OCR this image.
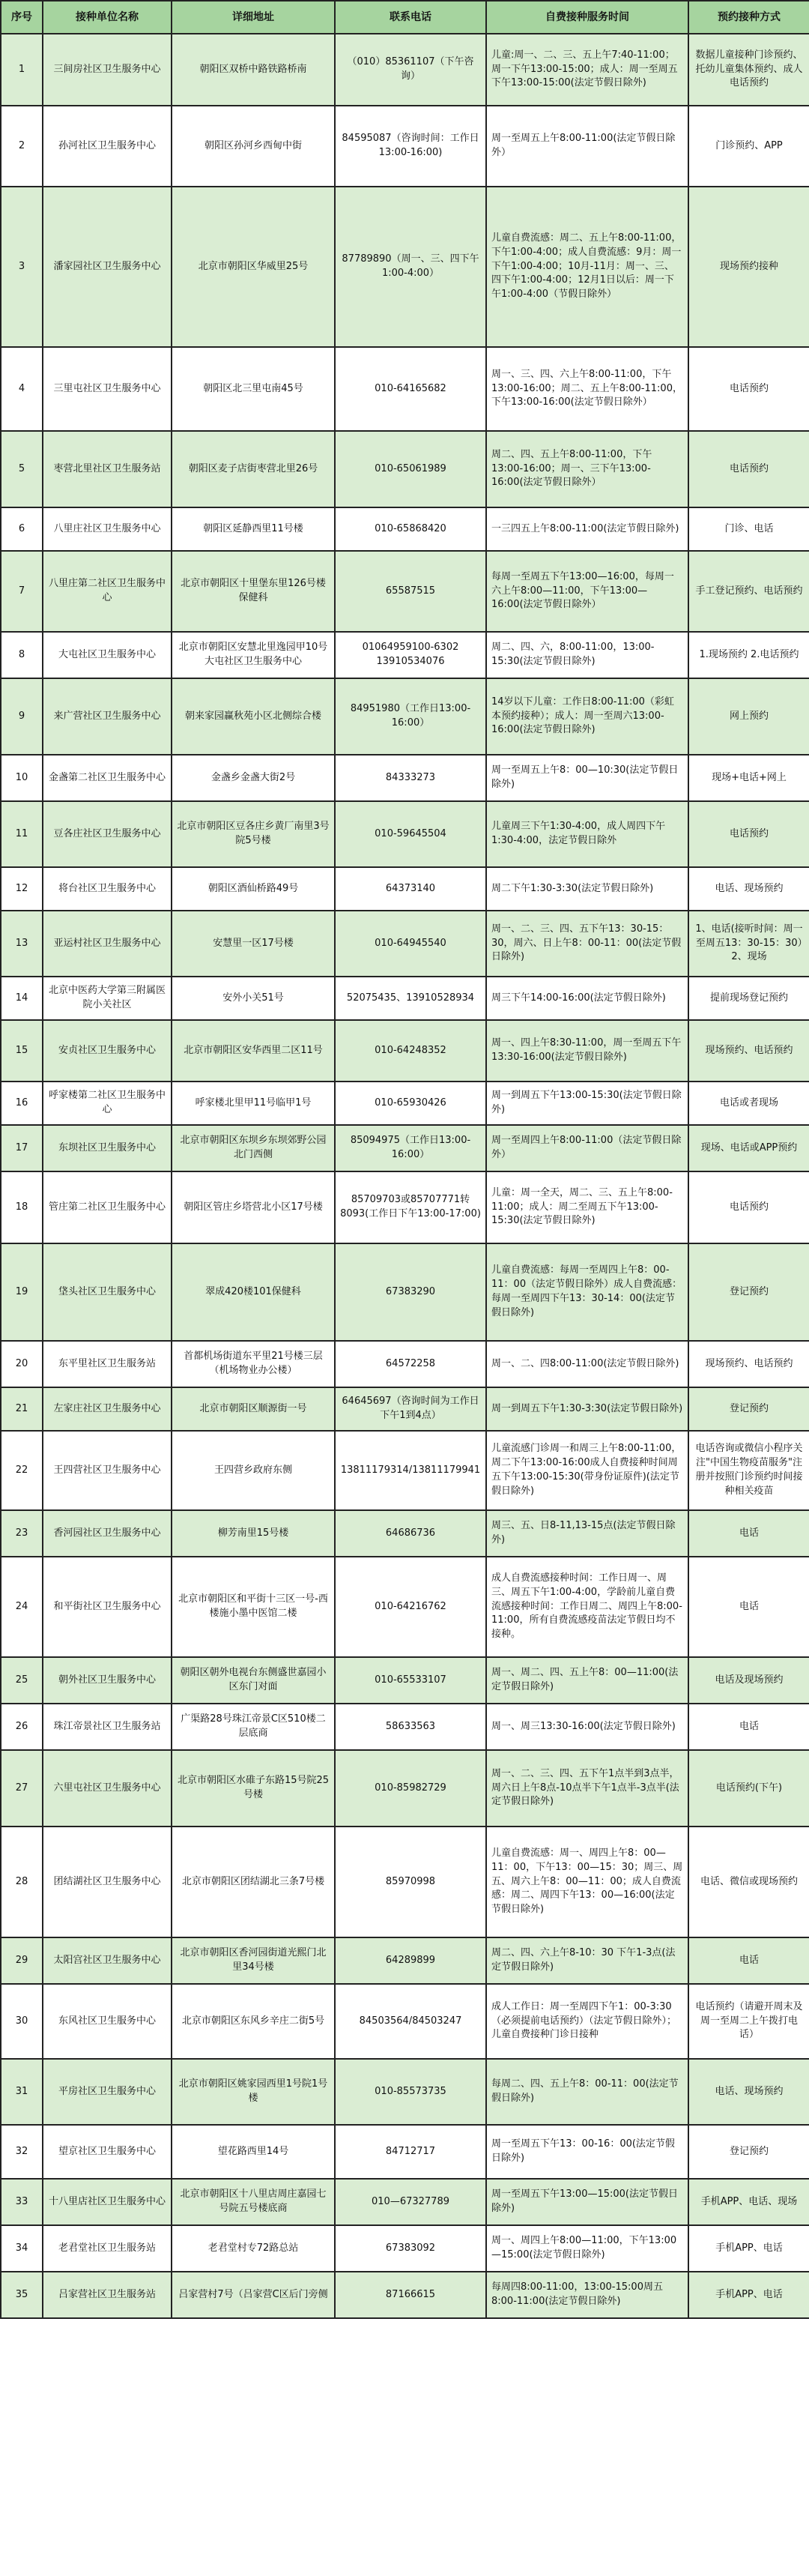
序号	接种单位名称	详细地址	联系电话	自费接种服务时间	预约接种方式
1	三间房社区卫生服务中心	朝阳区双桥中路铁路桥南	（010）85361107（下午咨询）	儿童:周一、二、三、五上午7:40-11:00；周一下午13:00-15:00；成人：周一至周五下午13:00-15:00(法定节假日除外)	数据儿童接种门诊预约、托幼儿童集体预约、成人电话预约
2	孙河社区卫生服务中心	朝阳区孙河乡西甸中街	84595087（咨询时间：工作日13:00-16:00)	周一至周五上午8:00-11:00(法定节假日除外）	门诊预约、APP
3	潘家园社区卫生服务中心	北京市朝阳区华威里25号	87789890（周一、三、四下午1:00-4:00）	儿童自费流感：周二、五上午8:00-11:00，下午1:00-4:00；成人自费流感：9月：周一下午1:00-4:00；10月-11月：周一、三、四下午1:00-4:00；12月1日以后：周一下午1:00-4:00（节假日除外）	现场预约接种
4	三里屯社区卫生服务中心	朝阳区北三里屯南45号	010-64165682	周一、三、四、六上午8:00-11:00，下午13:00-16:00；周二、五上午8:00-11:00，下午13:00-16:00(法定节假日除外）	电话预约
5	枣营北里社区卫生服务站	朝阳区麦子店街枣营北里26号	010-65061989	周二、四、五上午8:00-11:00，下午13:00-16:00；周一、三下午13:00-16:00(法定节假日除外）	电话预约
6	八里庄社区卫生服务中心	朝阳区延静西里11号楼	010-65868420	一三四五上午8:00-11:00(法定节假日除外)	门诊、电话
7	八里庄第二社区卫生服务中心	北京市朝阳区十里堡东里126号楼保健科	65587515	每周一至周五下午13:00—16:00，每周一六上午8:00—11:00，下午13:00—16:00(法定节假日除外）	手工登记预约、电话预约
8	大屯社区卫生服务中心	北京市朝阳区安慧北里逸园甲10号大屯社区卫生服务中心	01064959100-6302 13910534076	周二、四、六，8:00-11:00，13:00-15:30(法定节假日除外)	1.现场预约 2.电话预约
9	来广营社区卫生服务中心	朝来家园赢秋苑小区北侧综合楼	84951980（工作日13:00-16:00）	14岁以下儿童：工作日8:00-11:00（彩虹本预约接种）；成人：周一至周六13:00-16:00(法定节假日除外)	网上预约
10	金盏第二社区卫生服务中心	金盏乡金盏大街2号	84333273	周一至周五上午8：00—10:30(法定节假日除外)	现场+电话+网上
11	豆各庄社区卫生服务中心	北京市朝阳区豆各庄乡黄厂南里3号院5号楼	010-59645504	儿童周三下午1:30-4:00，成人周四下午1:30-4:00，法定节假日除外	电话预约
12	将台社区卫生服务中心	朝阳区酒仙桥路49号	64373140	周二下午1:30-3:30(法定节假日除外)	电话、现场预约
13	亚运村社区卫生服务中心	安慧里一区17号楼	010-64945540	周一、二、三、四、五下午13：30-15：30，周六、日上午8：00-11：00(法定节假日除外)	1、电话(接听时间：周一至周五13：30-15：30）2、现场
14	北京中医药大学第三附属医院小关社区	安外小关51号	52075435、13910528934	周三下午14:00-16:00(法定节假日除外)	提前现场登记预约
15	安贞社区卫生服务中心	北京市朝阳区安华西里二区11号	010-64248352	周一、四上午8:30-11:00，周一至周五下午13:30-16:00(法定节假日除外)	现场预约、电话预约
16	呼家楼第二社区卫生服务中心	呼家楼北里甲11号临甲1号	010-65930426	周一到周五下午13:00-15:30(法定节假日除外)	电话或者现场
17	东坝社区卫生服务中心	北京市朝阳区东坝乡东坝郊野公园北门西侧	85094975（工作日13:00-16:00）	周一至周四上午8:00-11:00（法定节假日除外）	现场、电话或APP预约
18	管庄第二社区卫生服务中心	朝阳区管庄乡塔营北小区17号楼	85709703或85707771转8093(工作日下午13:00-17:00)	儿童：周一全天，周二、三、五上午8:00-11:00；成人：周二至周五下午13:00-15:30(法定节假日除外)	电话预约
19	垡头社区卫生服务中心	翠成420楼101保健科	67383290	儿童自费流感：每周一至周四上午8：00-11：00（法定节假日除外）成人自费流感：每周一至周四下午13：30-14：00(法定节假日除外)	登记预约
20	东平里社区卫生服务站	首都机场街道东平里21号楼三层（机场物业办公楼）	64572258	周一、二、四8:00-11:00(法定节假日除外)	现场预约、电话预约
21	左家庄社区卫生服务中心	北京市朝阳区顺源街一号	64645697（咨询时间为工作日下午1到4点）	周一到周五下午1:30-3:30(法定节假日除外)	登记预约
22	王四营社区卫生服务中心	王四营乡政府东侧	13811179314/13811179941	儿童流感门诊周一和周三上午8:00-11:00，周二下午13:00-16:00成人自费接种时间周五下午13:00-15:30(带身份证原件)(法定节假日除外)	电话咨询或微信小程序关注"中国生物疫苗服务"注册并按照门诊预约时间接种相关疫苗
23	香河园社区卫生服务中心	柳芳南里15号楼	64686736	周三、五、日8-11,13-15点(法定节假日除外)	电话
24	和平街社区卫生服务中心	北京市朝阳区和平街十三区一号-西楼施小墨中医馆二楼	010-64216762	成人自费流感接种时间：工作日周一、周三、周五下午1:00-4:00，学龄前儿童自费流感接种时间：工作日周二、周四上午8:00-11:00，所有自费流感疫苗法定节假日均不接种。	电话
25	朝外社区卫生服务中心	朝阳区朝外电视台东侧盛世嘉园小区东门对面	010-65533107	周一、周二、四、五上午8：00—11:00(法定节假日除外)	电话及现场预约
26	珠江帝景社区卫生服务站	广渠路28号珠江帝景C区510楼二层底商	58633563	周一、周三13:30-16:00(法定节假日除外)	电话
27	六里屯社区卫生服务中心	北京市朝阳区水碓子东路15号院25号楼	010-85982729	周一、二、三、四、五下午1点半到3点半，周六日上午8点-10点半下午1点半-3点半(法定节假日除外)	电话预约(下午)
28	团结湖社区卫生服务中心	北京市朝阳区团结湖北三条7号楼	85970998	儿童自费流感：周一、周四上午8：00—11：00，下午13：00—15：30；周三、周五、周六上午8：00—11：00；成人自费流感：周二、周四下午13：00—16:00(法定节假日除外)	电话、微信或现场预约
29	太阳宫社区卫生服务中心	北京市朝阳区香河园街道光熙门北里34号楼	64289899	周二、四、六上午8-10：30 下午1-3点(法定节假日除外)	电话
30	东风社区卫生服务中心	北京市朝阳区东风乡辛庄二街5号	84503564/84503247	成人工作日：周一至周四下午1：00-3:30（必须提前电话预约）（法定节假日除外）；儿童自费接种门诊日接种	电话预约（请避开周末及周一至周二上午拨打电话）
31	平房社区卫生服务中心	北京市朝阳区姚家园西里1号院1号楼	010-85573735	每周二、四、五上午8：00-11：00(法定节假日除外)	电话、现场预约
32	望京社区卫生服务中心	望花路西里14号	84712717	周一至周五下午13：00-16：00(法定节假日除外)	登记预约
33	十八里店社区卫生服务中心	北京市朝阳区十八里店周庄嘉园七号院五号楼底商	010—67327789	周一至周五下午13:00—15:00(法定节假日除外)	手机APP、电话、现场
34	老君堂社区卫生服务站	老君堂村专72路总站	67383092	周一、周四上午8:00—11:00，下午13:00—15:00(法定节假日除外)	手机APP、电话
35	吕家营社区卫生服务站	吕家营村7号（吕家营C区后门旁侧	87166615	每周四8:00-11:00，13:00-15:00周五8:00-11:00(法定节假日除外)	手机APP、电话
